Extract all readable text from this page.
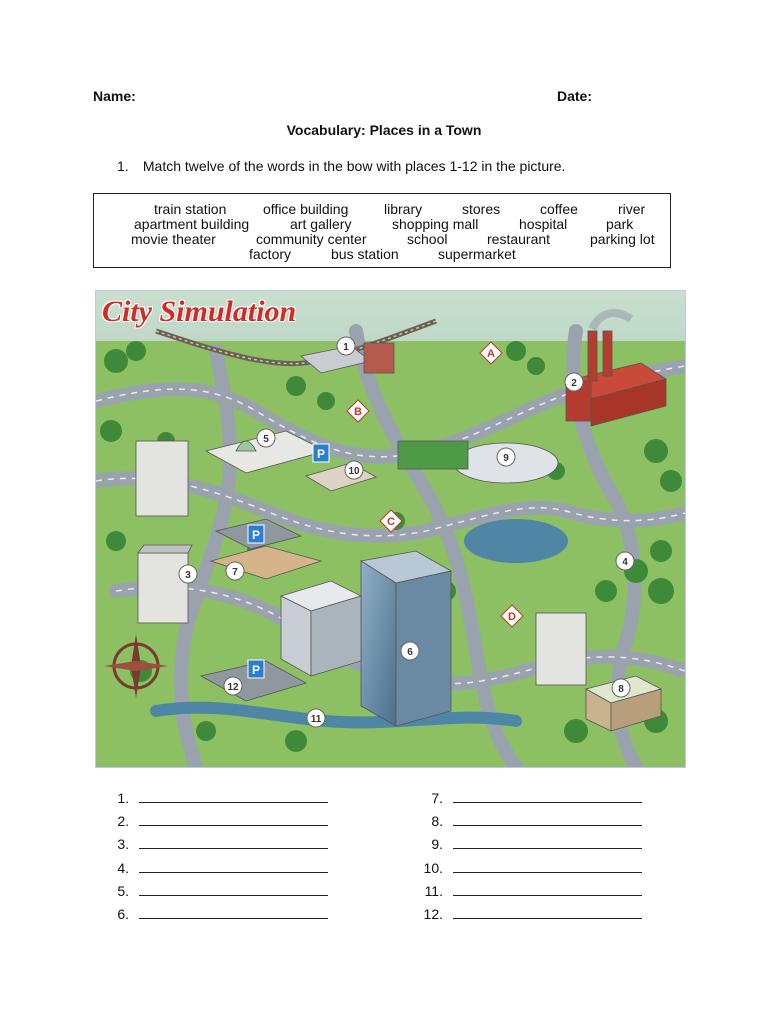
Name:	Date:
Vocabulary: Places in a Town
1. Match twelve of the words in the bow with places 1-12 in the picture.
train station	office building	library	stores	coffee	river
apartment building	art gallery	shopping mall	hospital	park
movie theater	community center	school	restaurant	parking lot
factory	bus station	supermarket
A
B
C
D
P
P
P
1
2
3
4
5
6
7
8
9
10
11
12
City Simulation
1.
2.
3.
4.
5.
6.
7.
8.
9.
10.
11.
12.
